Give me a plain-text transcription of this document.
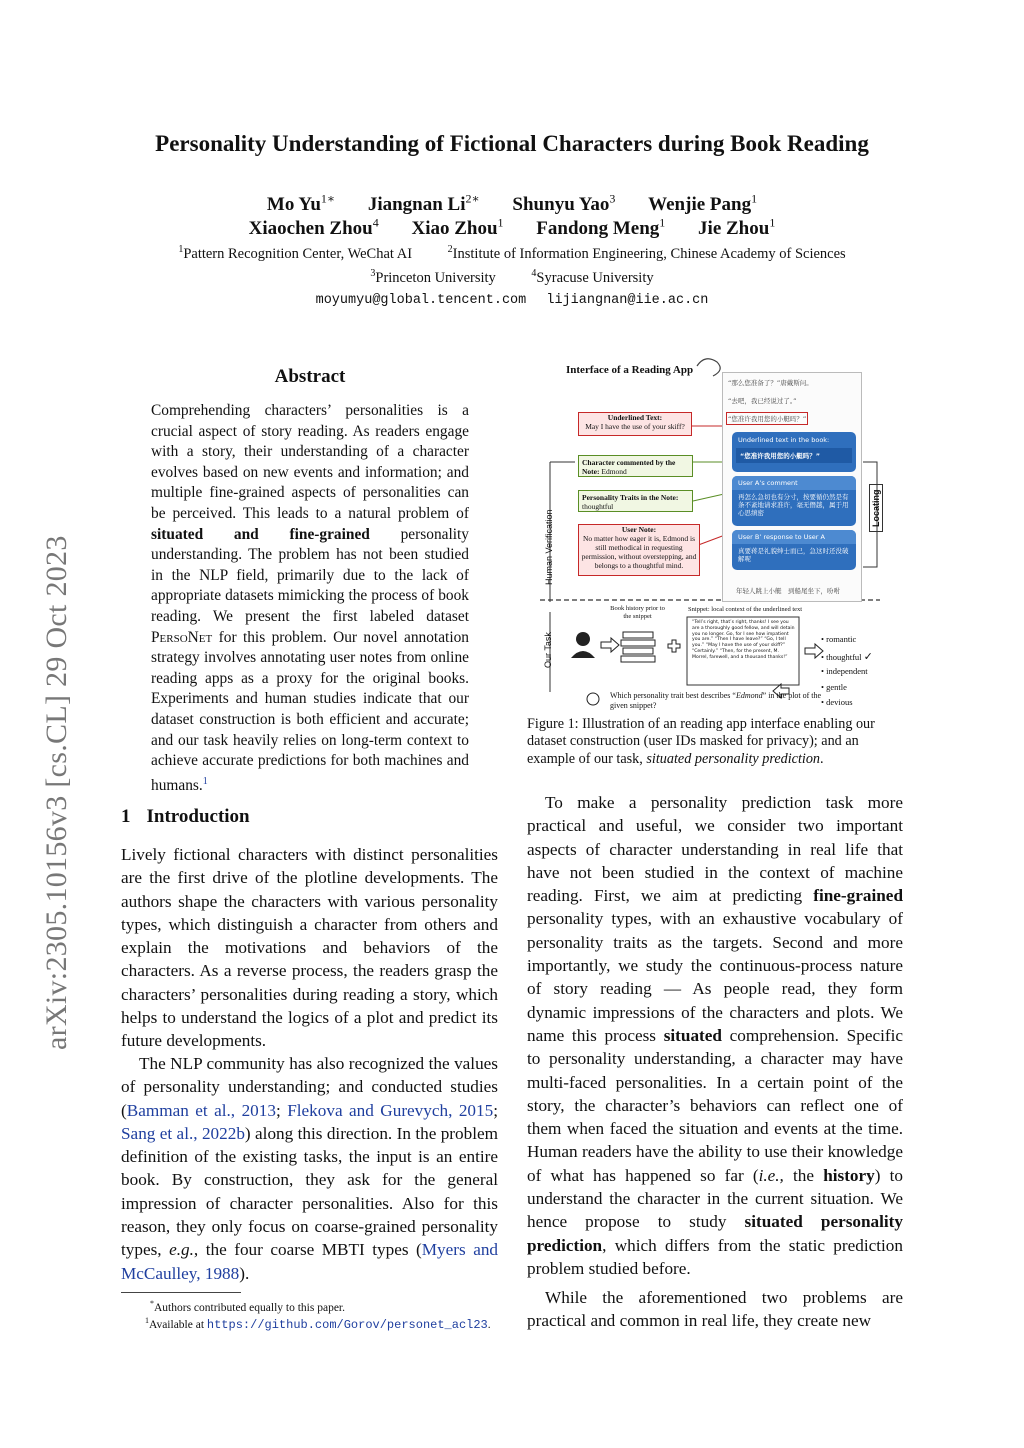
arXiv:2305.10156v3 [cs.CL] 29 Oct 2023
Personality Understanding of Fictional Characters during Book Reading
Mo $Yu^{1∗}$ Jiangnan $Li^{2∗}$ Shunyu Yao$^3$ Wenjie Pang$^1$
Xiaochen Zhou$^4$ Xiao Zhou$^1$ Fandong Meng$^1$ Jie Zhou$^1$
$^1$Pattern Recognition Center, WeChat AI	$^2$Institute of Information Engineering, Chinese Academy of Sciences
$^3$Princeton University	$^4$Syracuse University
moyumyu@global.tencent.com lijiangnan@iie.ac.cn
Abstract
Comprehending characters’ personalities is a crucial aspect of story reading. As readers engage with a story, their understanding of a character evolves based on new events and information; and multiple fine-grained aspects of personalities can be perceived. This leads to a natural problem of situated and fine-grained personality understanding. The problem has not been studied in the NLP field, primarily due to the lack of appropriate datasets mimicking the process of book reading. We present the first labeled dataset PersoNet for this problem. Our novel annotation strategy involves annotating user notes from online reading apps as a proxy for the original books. Experiments and human studies indicate that our dataset construction is both efficient and accurate; and our task heavily relies on long-term context to achieve accurate predictions for both machines and humans.$^1$
1 Introduction
Lively fictional characters with distinct personalities are the first drive of the plotline developments. The authors shape the characters with various personality types, which distinguish a character from others and explain the motivations and behaviors of the characters. As a reverse process, the readers grasp the characters’ personalities during reading a story, which helps to understand the logics of a plot and predict its future developments.
The NLP community has also recognized the values of personality understanding; and conducted studies (Bamman et al., 2013; Flekova and Gurevych, 2015; Sang et al., 2022b) along this direction. In the problem definition of the existing tasks, the input is an entire book. By construction, they ask for the general impression of character personalities. Also for this reason, they only focus on coarse-grained personality types, e.g., the four coarse MBTI types (Myers and McCaulley, 1988).
*Authors contributed equally to this paper.
$^1$Available at https://github.com/Gorov/personet_acl23.
Interface of a Reading App
Underlined Text:
May I have the use of your skiff?
Character commented by the Note: Edmond
Personality Traits in the Note:
thoughtful
User Note:
No matter how eager it is, Edmond is still methodical in requesting permission, without overstepping, and belongs to a thoughtful mind.
“那么您准备了？”唐戴斯问。
“去吧，我已经说过了。”
“您准许我用您的小艇吗？”
Underlined text in the book:
“您准许我用您的小艇吗？”
User A’s comment
再怎么急切也有分寸，按要循仍然是有条不紊地请求准许，毫无僭越，属于用心思缜密
User B’ response to User A
真要蒋是礼貌绅士而已，急这时还没破解呢
年轻人跳上小艇　到船尾坐下，吩咐
Locating
Human Verification
Our Task
Book history prior to the snippet
Snippet: local context of the underlined text
“Tell’s right, that’s right, thanks! I see you are a thoroughly good fellow, and will detain you no longer. Go, for I see how impatient you are.” “Then I have leave?” “Go, I tell you.” “May I have the use of your skiff?” “Certainly.” “Then, for the present, M. Morrel, farewell, and a thousand thanks!”
• romantic
• thoughtful ✓
• independent
• gentle
• devious
Which personality trait best describes “Edmond” in the plot of the given snippet?
Figure 1: Illustration of an reading app interface enabling our dataset construction (user IDs masked for privacy); and an example of our task, situated personality prediction.
To make a personality prediction task more practical and useful, we consider two important aspects of character understanding in real life that have not been studied in the context of machine reading. First, we aim at predicting fine-grained personality types, with an exhaustive vocabulary of personality traits as the targets. Second and more importantly, we study the continuous-process nature of story reading — As people read, they form dynamic impressions of the characters and plots. We name this process situated comprehension. Specific to personality understanding, a character may have multi-faced personalities. In a certain point of the story, the character’s behaviors can reflect one of them when faced the situation and events at the time. Human readers have the ability to use their knowledge of what has happened so far (i.e., the history) to understand the character in the current situation. We hence propose to study situated personality prediction, which differs from the static prediction problem studied before.
While the aforementioned two problems are practical and common in real life, they create new
